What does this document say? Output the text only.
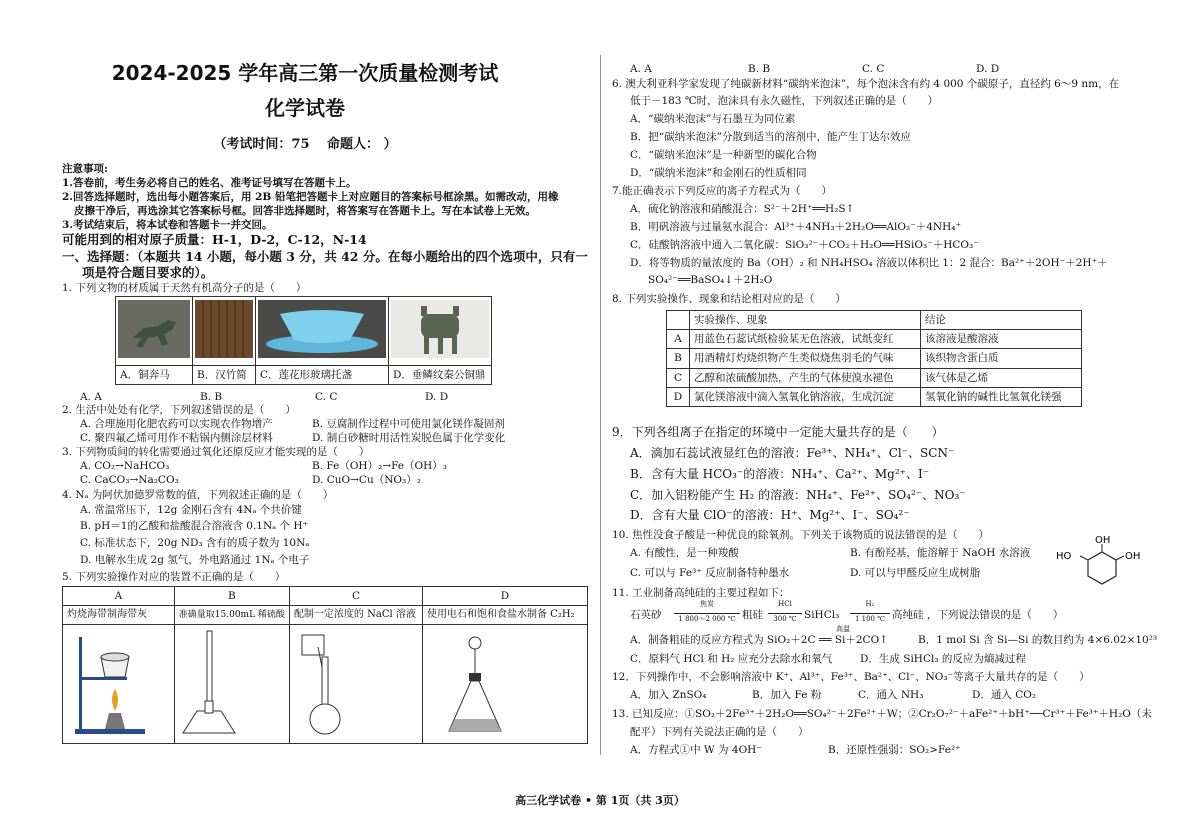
2024-2025 学年高三第一次质量检测考试
化学试卷
（考试时间：75　 命题人： ）
注意事项:
1.答卷前，考生务必将自己的姓名、准考证号填写在答题卡上。
2.回答选择题时，选出每小题答案后，用 2B 铅笔把答题卡上对应题目的答案标号框涂黑。如需改动，用橡
皮擦干净后，再选涂其它答案标号框。回答非选择题时，将答案写在答题卡上。写在本试卷上无效。
3.考试结束后，将本试卷和答题卡一并交回。
可能用到的相对原子质量：H-1，D-2，C-12，N-14
一、选择题：（本题共 14 小题，每小题 3 分，共 42 分。在每小题给出的四个选项中，只有一
项是符合题目要求的）。
1. 下列文物的材质属于天然有机高分子的是（　　）

A．铜奔马	B．汉竹简	C．莲花形玻璃托盏	D．垂鳞纹秦公铜鼎
A. A	B. B	C. C	D. D
2. 生活中处处有化学，下列叙述错误的是（　　）
A. 合理施用化肥农药可以实现农作物增产	B. 豆腐制作过程中可使用氯化镁作凝固剂
C. 聚四氟乙烯可用作不粘锅内侧涂层材料	D. 制白砂糖时用活性炭脱色属于化学变化
3. 下列物质间的转化需要通过氧化还原反应才能实现的是（　　）
A. CO₂→NaHCO₃	B. Fe（OH）₂→Fe（OH）₃
C. CaCO₃→Na₂CO₃	D. CuO→Cu（NO₃）₂
4. Nₐ 为阿伏加德罗常数的值，下列叙述正确的是（　　）
A. 常温常压下，12g 金刚石含有 4Nₐ 个共价键
B. pH＝1的乙酸和盐酸混合溶液含 0.1Nₐ 个 H⁺
C. 标准状态下，20g ND₃ 含有的质子数为 10Nₐ
D. 电解水生成 2g 氢气，外电路通过 1Nₐ 个电子
5. 下列实验操作对应的装置不正确的是（　　）
A	B	C	D
灼烧海带制海带灰	准确量取15.00mL 稀硫酸	配制一定浓度的 NaCl 溶液	使用电石和饱和食盐水制备 C₂H₂

A. A	B. B	C. C	D. D
6. 澳大利亚科学家发现了纯碳新材料“碳纳米泡沫”，每个泡沫含有约 4 000 个碳原子，直径约 6～9 nm，在
低于－183 ℃时，泡沫具有永久磁性，下列叙述正确的是（　　）
A．“碳纳米泡沫”与石墨互为同位素
B．把“碳纳米泡沫”分散到适当的溶剂中，能产生丁达尔效应
C．“碳纳米泡沫”是一种新型的碳化合物
D．“碳纳米泡沫”和金刚石的性质相同
7.能正确表示下列反应的离子方程式为（　　）
A．硫化钠溶液和硝酸混合：S²⁻＋2H⁺══H₂S↑
B．明矾溶液与过量氨水混合：Al³⁺＋4NH₃＋2H₂O══AlO₂⁻＋4NH₄⁺
C．硅酸钠溶液中通入二氧化碳：SiO₃²⁻＋CO₂＋H₂O══HSiO₃⁻＋HCO₃⁻
D．将等物质的量浓度的 Ba（OH）₂ 和 NH₄HSO₄ 溶液以体积比 1：2 混合：Ba²⁺＋2OH⁻＋2H⁺＋
SO₄²⁻══BaSO₄↓＋2H₂O
8. 下列实验操作、现象和结论相对应的是（　　）
	实验操作、现象	结论
A	用蓝色石蕊试纸检验某无色溶液，试纸变红	该溶液是酸溶液
B	用酒精灯灼烧织物产生类似烧焦羽毛的气味	该织物含蛋白质
C	乙醇和浓硫酸加热，产生的气体使溴水褪色	该气体是乙烯
D	氯化镁溶液中滴入氢氧化钠溶液，生成沉淀	氢氧化钠的碱性比氢氧化镁强
9．下列各组离子在指定的环境中一定能大量共存的是（　　）
A．滴加石蕊试液显红色的溶液：Fe³⁺、NH₄⁺、Cl⁻、SCN⁻
B．含有大量 HCO₃⁻的溶液：NH₄⁺、Ca²⁺、Mg²⁺、I⁻
C．加入铝粉能产生 H₂ 的溶液：NH₄⁺、Fe²⁺、SO₄²⁻、NO₃⁻
D．含有大量 ClO⁻的溶液：H⁺、Mg²⁺、I⁻、SO₄²⁻
10. 焦性没食子酸是一种优良的除氧剂。下列关于该物质的说法错误的是（　　）
A. 有酸性，是一种羧酸	B. 有酚羟基，能溶解于 NaOH 水溶液
C. 可以与 Fe³⁺ 反应制备特种墨水	D. 可以与甲醛反应生成树脂
OH
HO	OH
11. 工业制备高纯硅的主要过程如下：
石英砂
焦炭
1 800～2 000 ℃ 粗硅
HCl
300 ℃ SiHCl₃
H₂
1 100 ℃ 高纯硅 ，下列说法错误的是（　　）
A．制备粗硅的反应方程式为 SiO₂＋2C ══ Si＋2CO↑
高温
B．1 mol Si 含 Si—Si 的数目约为 4×6.02×10²³
C．原料气 HCl 和 H₂ 应充分去除水和氧气	D．生成 SiHCl₃ 的反应为熵减过程
12．下列操作中，不会影响溶液中 K⁺、Al³⁺、Fe³⁺、Ba²⁺、Cl⁻、NO₃⁻等离子大量共存的是（　　）
A．加入 ZnSO₄	B．加入 Fe 粉	C．通入 NH₃	D．通入 CO₂
13. 已知反应：①SO₂＋2Fe³⁺＋2H₂O══SO₄²⁻＋2Fe²⁺＋W；②Cr₂O₇²⁻＋aFe²⁺＋bH⁺──Cr³⁺＋Fe³⁺＋H₂O（未
配平）下列有关说法正确的是（　　）
A．方程式①中 W 为 4OH⁻	B．还原性强弱：SO₂>Fe²⁺
高三化学试卷 • 第 1页（共 3页）
